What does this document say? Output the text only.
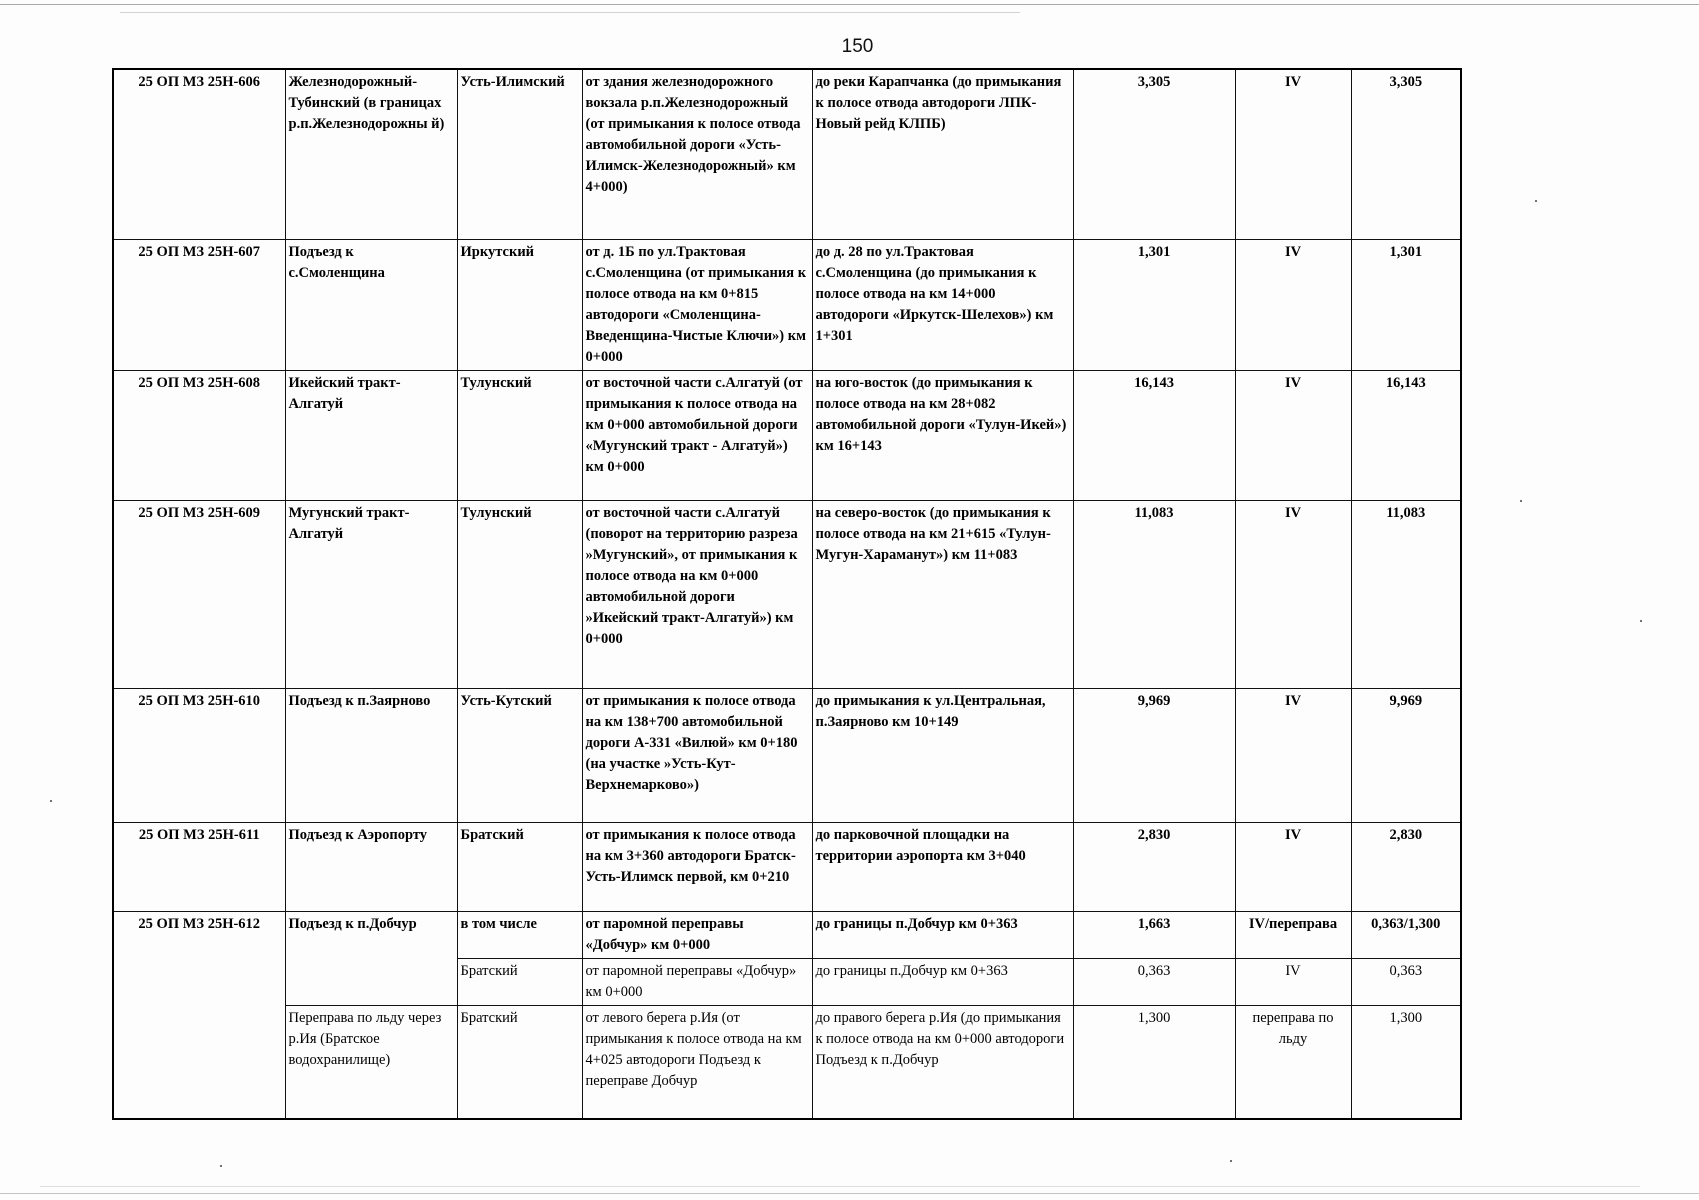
150
25 ОП МЗ 25Н-606	Железнодорожный-Тубинский (в границах р.п.Железнодорожны й)	Усть-Илимский	от здания железнодорожного вокзала р.п.Железнодорожный (от примыкания к полосе отвода автомобильной дороги «Усть-Илимск-Железнодорожный» км 4+000)	до реки Карапчанка (до примыкания к полосе отвода автодороги ЛПК-Новый рейд КЛПБ)	3,305	IV	3,305
25 ОП МЗ 25Н-607	Подъезд к с.Смоленщина	Иркутский	от д. 1Б по ул.Трактовая с.Смоленщина (от примыкания к полосе отвода на км 0+815 автодороги «Смоленщина-Введенщина-Чистые Ключи») км 0+000	до д. 28 по ул.Трактовая с.Смоленщина (до примыкания к полосе отвода на км 14+000 автодороги «Иркутск-Шелехов») км 1+301	1,301	IV	1,301
25 ОП МЗ 25Н-608	Икейский тракт-Алгатуй	Тулунский	от восточной части с.Алгатуй (от примыкания к полосе отвода на км 0+000 автомобильной дороги «Мугунский тракт - Алгатуй») км 0+000	на юго-восток (до примыкания к полосе отвода на км 28+082 автомобильной дороги «Тулун-Икей») км 16+143	16,143	IV	16,143
25 ОП МЗ 25Н-609	Мугунский тракт-Алгатуй	Тулунский	от восточной части с.Алгатуй (поворот на территорию разреза »Мугунский», от примыкания к полосе отвода на км 0+000 автомобильной дороги »Икейский тракт-Алгатуй») км 0+000	на северо-восток (до примыкания к полосе отвода на км 21+615 «Тулун-Мугун-Хараманут») км 11+083	11,083	IV	11,083
25 ОП МЗ 25Н-610	Подъезд к п.Заярново	Усть-Кутский	от примыкания к полосе отвода на км 138+700 автомобильной дороги А-331 «Вилюй» км 0+180 (на участке »Усть-Кут-Верхнемарково»)	до примыкания к ул.Центральная, п.Заярново км 10+149	9,969	IV	9,969
25 ОП МЗ 25Н-611	Подъезд к Аэропорту	Братский	от примыкания к полосе отвода на км 3+360 автодороги Братск-Усть-Илимск первой, км 0+210	до парковочной площадки на территории аэропорта км 3+040	2,830	IV	2,830
25 ОП МЗ 25Н-612	Подъезд к п.Добчур	в том числе	от паромной переправы «Добчур» км 0+000	до границы п.Добчур км 0+363	1,663	IV/переправа	0,363/1,300
		Братский	от паромной переправы «Добчур» км 0+000	до границы п.Добчур км 0+363	0,363	IV	0,363
	Переправа по льду через р.Ия (Братское водохранилище)	Братский	от левого берега р.Ия (от примыкания к полосе отвода на км 4+025 автодороги Подъезд к переправе Добчур	до правого берега р.Ия (до примыкания к полосе отвода на км 0+000 автодороги Подъезд к п.Добчур	1,300	переправа по льду	1,300
